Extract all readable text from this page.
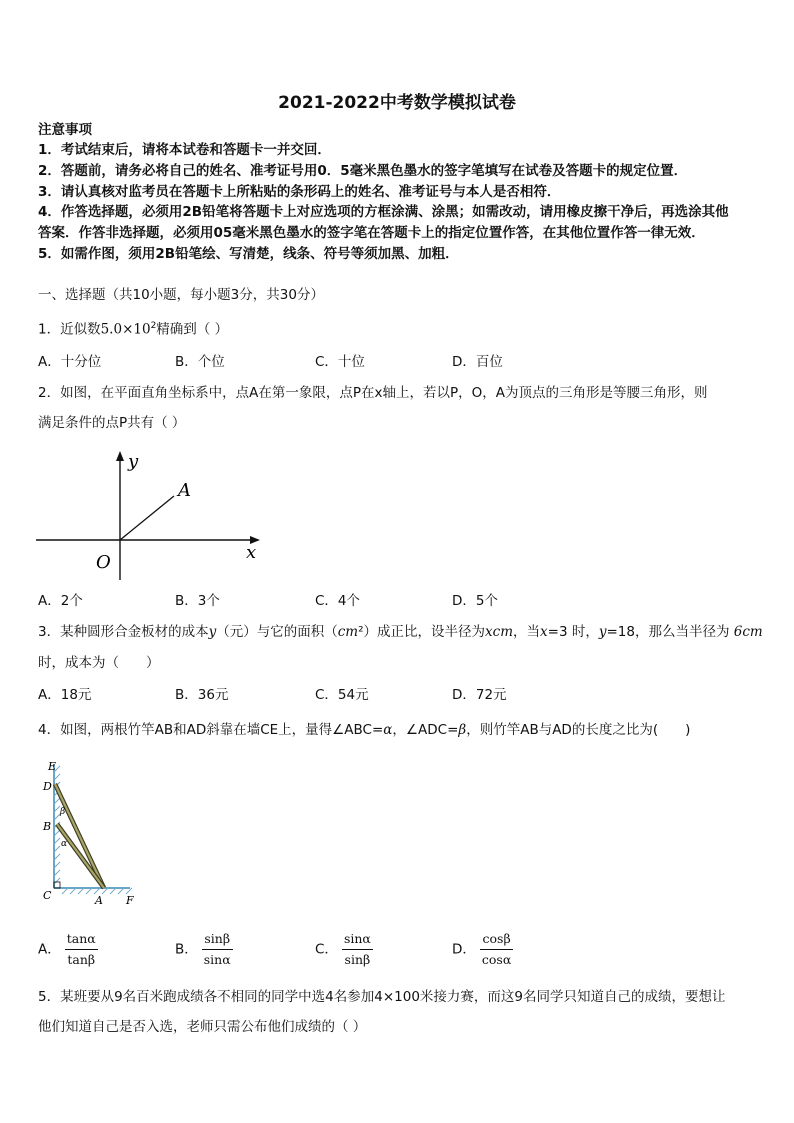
2021-2022中考数学模拟试卷
注意事项
1．考试结束后，请将本试卷和答题卡一并交回．
2．答题前，请务必将自己的姓名、准考证号用0．5毫米黑色墨水的签字笔填写在试卷及答题卡的规定位置．
3．请认真核对监考员在答题卡上所粘贴的条形码上的姓名、准考证号与本人是否相符．
4．作答选择题，必须用2B铅笔将答题卡上对应选项的方框涂满、涂黑；如需改动，请用橡皮擦干净后，再选涂其他
答案．作答非选择题，必须用05毫米黑色墨水的签字笔在答题卡上的指定位置作答，在其他位置作答一律无效．
5．如需作图，须用2B铅笔绘、写清楚，线条、符号等须加黑、加粗．
一、选择题（共10小题，每小题3分，共30分）
1．近似数$5.0\times 10^2$精确到（ ）
A．十分位	B．个位	C．十位	D．百位
2．如图，在平面直角坐标系中，点A在第一象限，点P在x轴上，若以P，O，A为顶点的三角形是等腰三角形，则
满足条件的点P共有（ ）
y
x
O
A
A．2个	B．3个	C．4个	D．5个
3．某种圆形合金板材的成本y（元）与它的面积（cm²）成正比，设半径为xcm，当x=3 时，y=18，那么当半径为 6cm
时，成本为（　　）
A．18元	B．36元	C．54元	D．72元
4．如图，两根竹竿AB和AD斜靠在墙CE上，量得∠ABC=α，∠ADC=β，则竹竿AB与AD的长度之比为(　　)
E
D
B
C	A F
β
α
A． $\frac{\tan\alpha}{\tan\beta}$	B． $\frac{\sin\beta}{\sin\alpha}$	C． $\frac{\sin\alpha}{\sin\beta}$	D． $\frac{\cos\beta}{\cos\alpha}$
5．某班要从9名百米跑成绩各不相同的同学中选4名参加4×100米接力赛，而这9名同学只知道自己的成绩，要想让
他们知道自己是否入选，老师只需公布他们成绩的（ ）
